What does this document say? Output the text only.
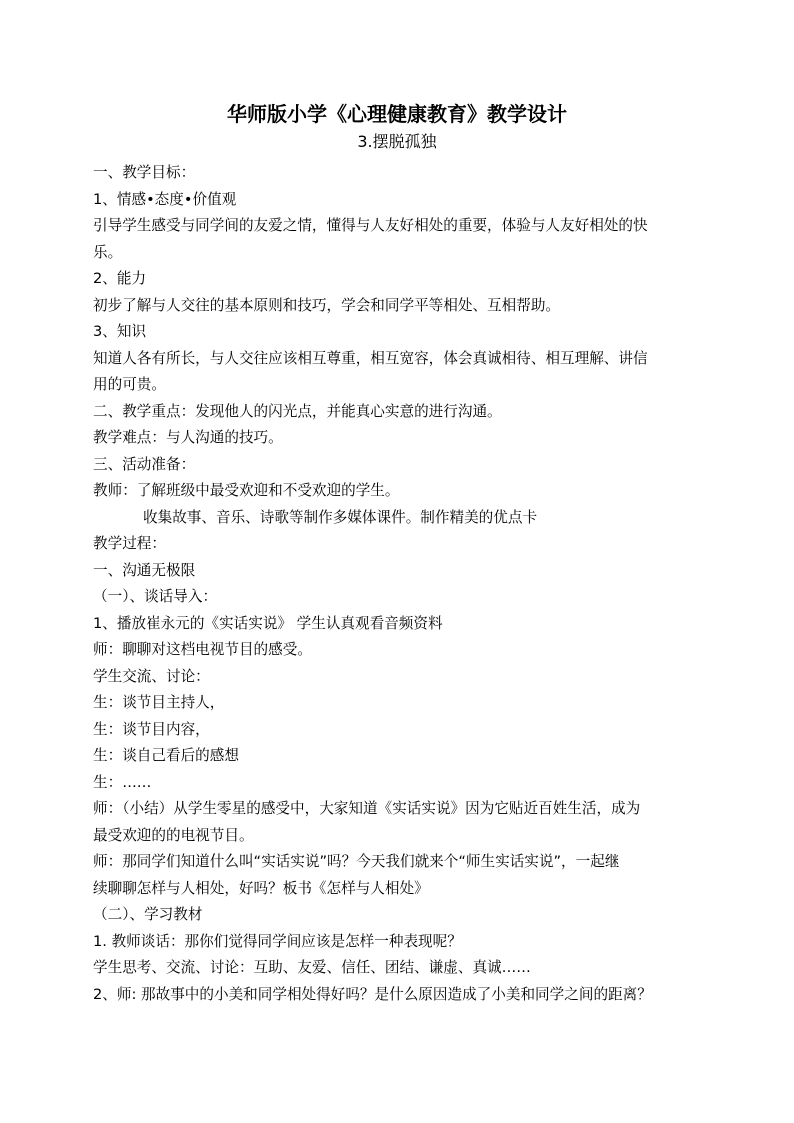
华师版小学《心理健康教育》教学设计
3.摆脱孤独
一、教学目标：
1、情感•态度•价值观
引导学生感受与同学间的友爱之情，懂得与人友好相处的重要，体验与人友好相处的快
乐。
2、能力
初步了解与人交往的基本原则和技巧，学会和同学平等相处、互相帮助。
3、知识
知道人各有所长，与人交往应该相互尊重，相互宽容，体会真诚相待、相互理解、讲信
用的可贵。
二、教学重点：发现他人的闪光点，并能真心实意的进行沟通。
教学难点：与人沟通的技巧。
三、活动准备：
教师：了解班级中最受欢迎和不受欢迎的学生。
收集故事、音乐、诗歌等制作多媒体课件。制作精美的优点卡
教学过程：
一、沟通无极限
（一）、谈话导入：
1、播放崔永元的《实话实说》 学生认真观看音频资料
师：聊聊对这档电视节目的感受。
学生交流、讨论：
生：谈节目主持人，
生：谈节目内容，
生：谈自己看后的感想
生：……
师：（小结）从学生零星的感受中，大家知道《实话实说》因为它贴近百姓生活，成为
最受欢迎的的电视节目。
师：那同学们知道什么叫“实话实说”吗？今天我们就来个“师生实话实说”，一起继
续聊聊怎样与人相处，好吗？板书《怎样与人相处》
（二）、学习教材
1. 教师谈话：那你们觉得同学间应该是怎样一种表现呢？
学生思考、交流、讨论：互助、友爱、信任、团结、谦虚、真诚……
2、师: 那故事中的小美和同学相处得好吗？是什么原因造成了小美和同学之间的距离？
